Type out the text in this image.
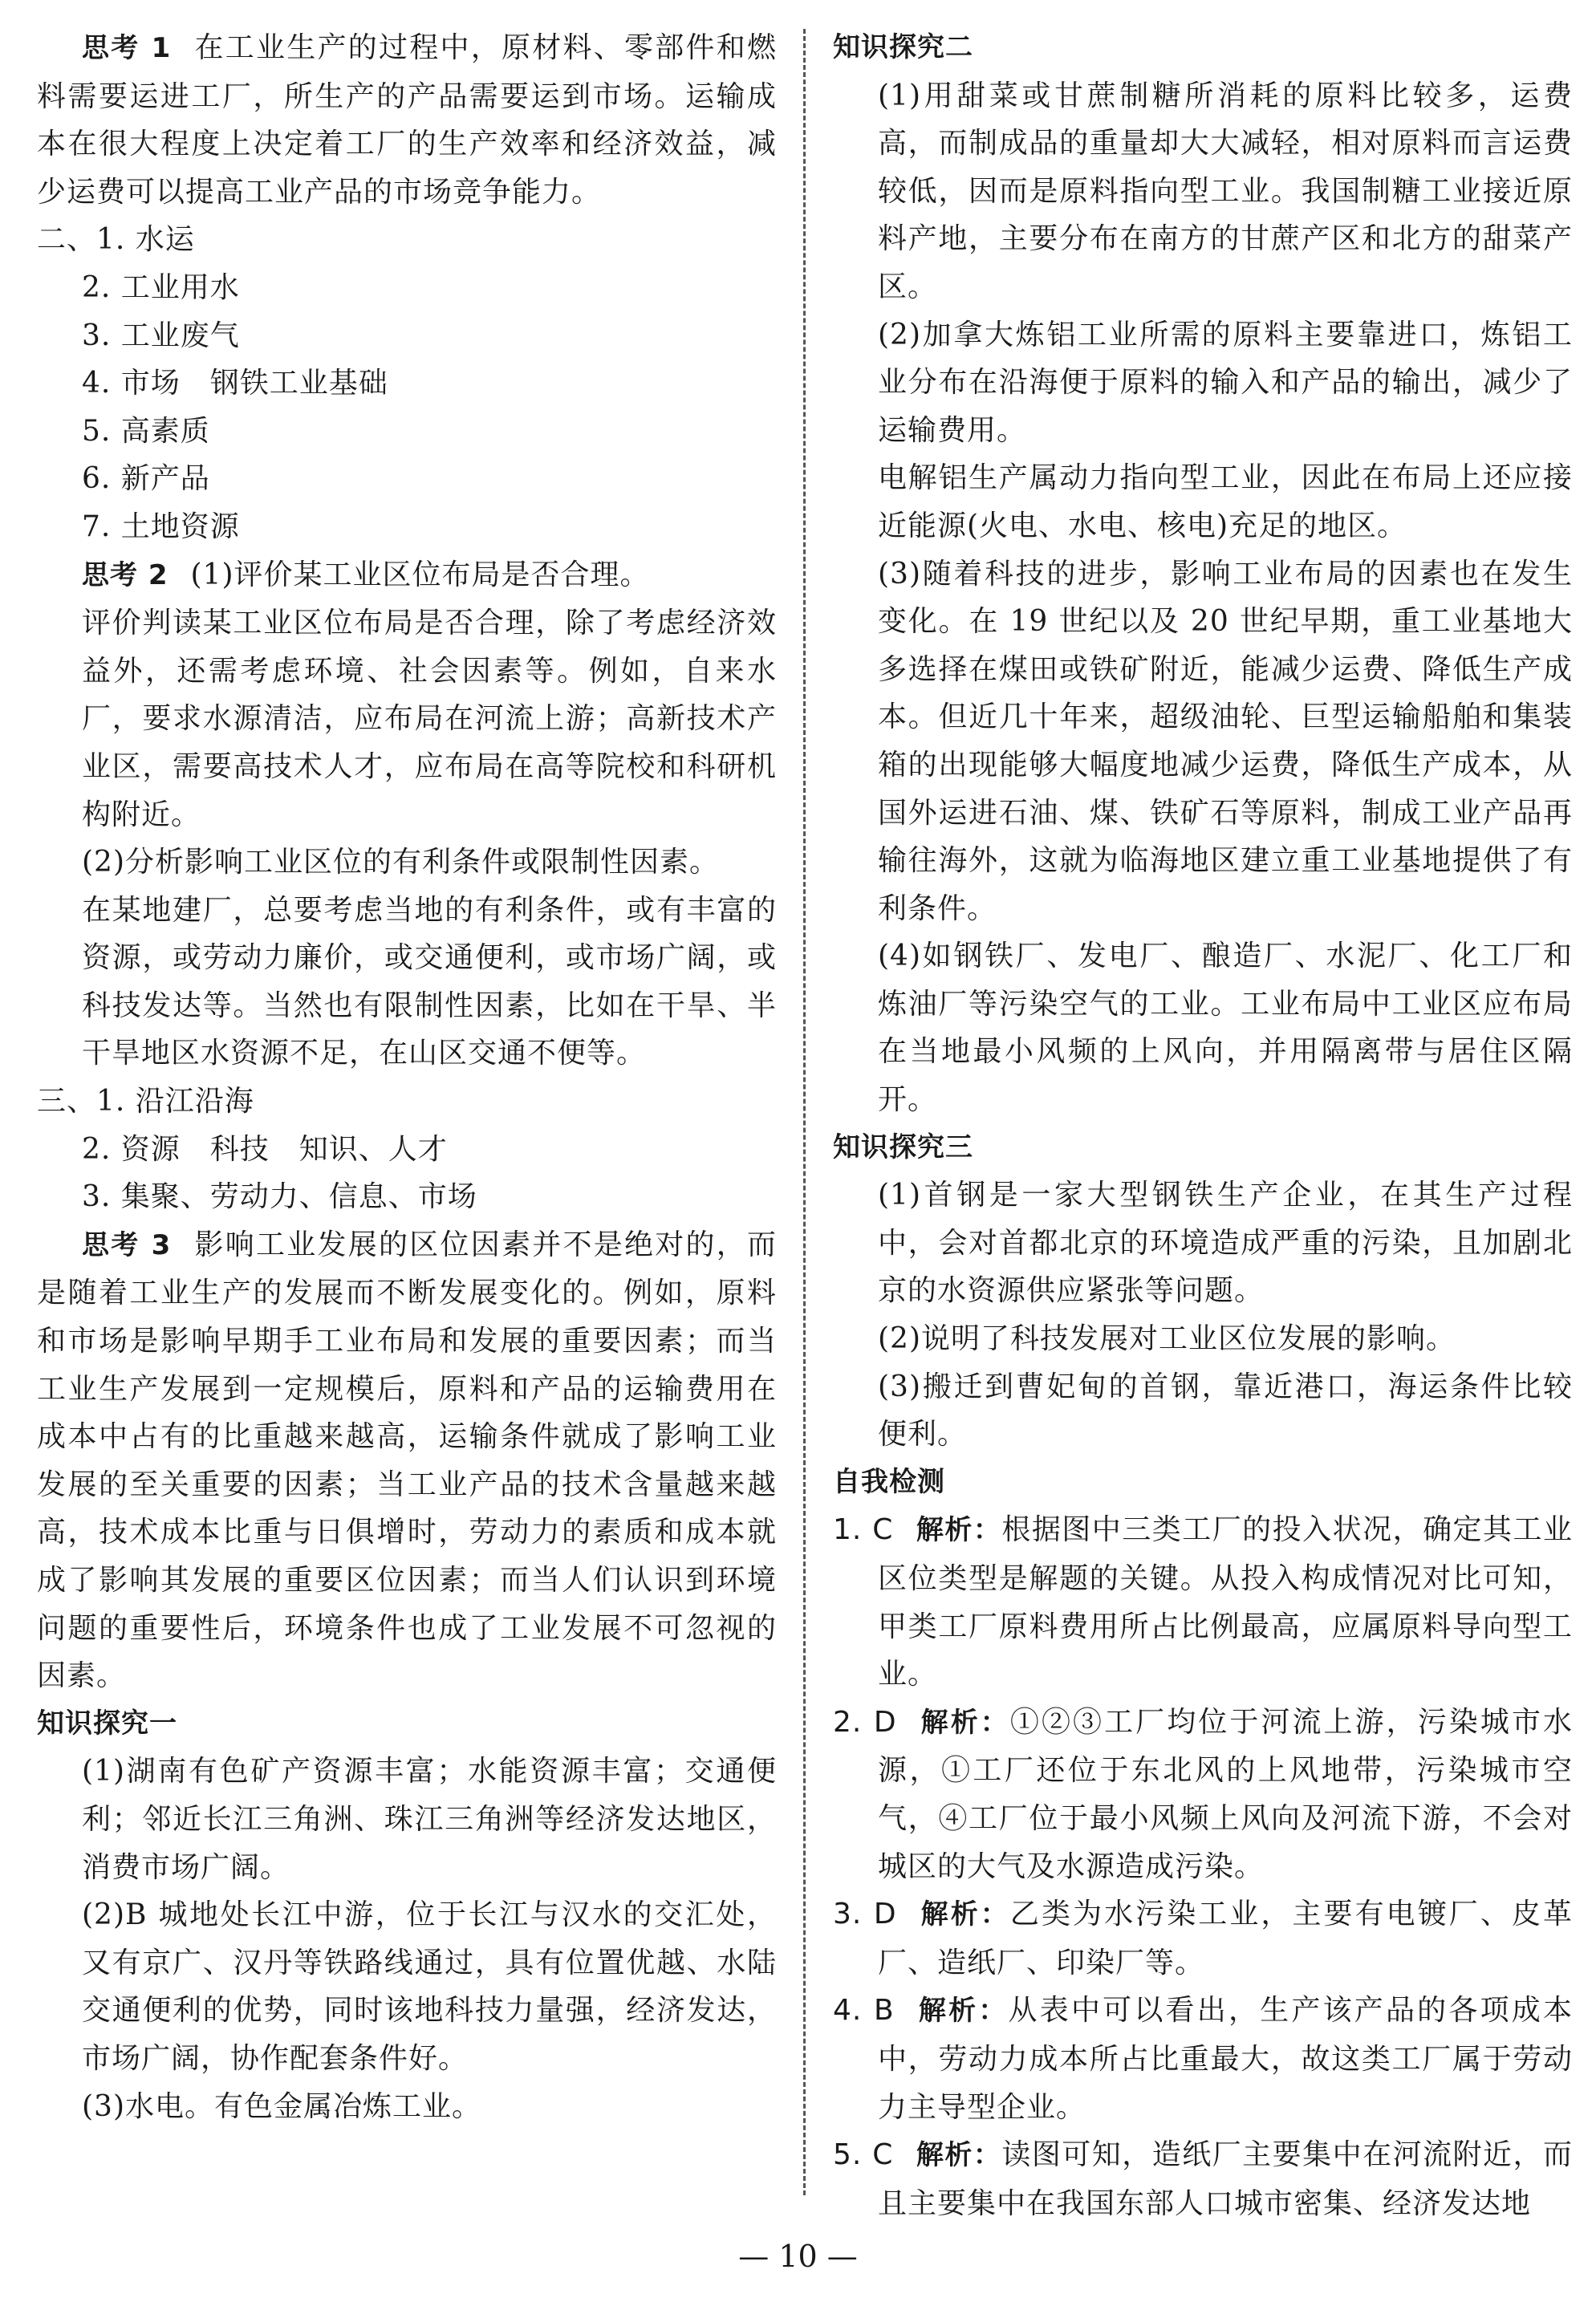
思考 1 在工业生产的过程中，原材料、零部件和燃料需要运进工厂，所生产的产品需要运到市场。运输成本在很大程度上决定着工厂的生产效率和经济效益，减少运费可以提高工业产品的市场竞争能力。

二、1. 水运

2. 工业用水

3. 工业废气

4. 市场　钢铁工业基础

5. 高素质

6. 新产品

7. 土地资源

思考 2 (1)评价某工业区位布局是否合理。

评价判读某工业区位布局是否合理，除了考虑经济效益外，还需考虑环境、社会因素等。例如，自来水厂，要求水源清洁，应布局在河流上游；高新技术产业区，需要高技术人才，应布局在高等院校和科研机构附近。

(2)分析影响工业区位的有利条件或限制性因素。

在某地建厂，总要考虑当地的有利条件，或有丰富的资源，或劳动力廉价，或交通便利，或市场广阔，或科技发达等。当然也有限制性因素，比如在干旱、半干旱地区水资源不足，在山区交通不便等。

三、1. 沿江沿海

2. 资源　科技　知识、人才

3. 集聚、劳动力、信息、市场

思考 3 影响工业发展的区位因素并不是绝对的，而是随着工业生产的发展而不断发展变化的。例如，原料和市场是影响早期手工业布局和发展的重要因素；而当工业生产发展到一定规模后，原料和产品的运输费用在成本中占有的比重越来越高，运输条件就成了影响工业发展的至关重要的因素；当工业产品的技术含量越来越高，技术成本比重与日俱增时，劳动力的素质和成本就成了影响其发展的重要区位因素；而当人们认识到环境问题的重要性后，环境条件也成了工业发展不可忽视的因素。

知识探究一

(1)湖南有色矿产资源丰富；水能资源丰富；交通便利；邻近长江三角洲、珠江三角洲等经济发达地区，消费市场广阔。

(2)B 城地处长江中游，位于长江与汉水的交汇处，又有京广、汉丹等铁路线通过，具有位置优越、水陆交通便利的优势，同时该地科技力量强，经济发达，市场广阔，协作配套条件好。

(3)水电。有色金属冶炼工业。

知识探究二

(1)用甜菜或甘蔗制糖所消耗的原料比较多，运费高，而制成品的重量却大大减轻，相对原料而言运费较低，因而是原料指向型工业。我国制糖工业接近原料产地，主要分布在南方的甘蔗产区和北方的甜菜产区。

(2)加拿大炼铝工业所需的原料主要靠进口，炼铝工业分布在沿海便于原料的输入和产品的输出，减少了运输费用。

电解铝生产属动力指向型工业，因此在布局上还应接近能源(火电、水电、核电)充足的地区。

(3)随着科技的进步，影响工业布局的因素也在发生变化。在 19 世纪以及 20 世纪早期，重工业基地大多选择在煤田或铁矿附近，能减少运费、降低生产成本。但近几十年来，超级油轮、巨型运输船舶和集装箱的出现能够大幅度地减少运费，降低生产成本，从国外运进石油、煤、铁矿石等原料，制成工业产品再输往海外，这就为临海地区建立重工业基地提供了有利条件。

(4)如钢铁厂、发电厂、酿造厂、水泥厂、化工厂和炼油厂等污染空气的工业。工业布局中工业区应布局在当地最小风频的上风向，并用隔离带与居住区隔开。

知识探究三

(1)首钢是一家大型钢铁生产企业，在其生产过程中，会对首都北京的环境造成严重的污染，且加剧北京的水资源供应紧张等问题。

(2)说明了科技发展对工业区位发展的影响。

(3)搬迁到曹妃甸的首钢，靠近港口，海运条件比较便利。

自我检测

1. C 解析：根据图中三类工厂的投入状况，确定其工业区位类型是解题的关键。从投入构成情况对比可知，甲类工厂原料费用所占比例最高，应属原料导向型工业。

2. D 解析：①②③工厂均位于河流上游，污染城市水源，①工厂还位于东北风的上风地带，污染城市空气，④工厂位于最小风频上风向及河流下游，不会对城区的大气及水源造成污染。

3. D 解析：乙类为水污染工业，主要有电镀厂、皮革厂、造纸厂、印染厂等。

4. B 解析：从表中可以看出，生产该产品的各项成本中，劳动力成本所占比重最大，故这类工厂属于劳动力主导型企业。

5. C 解析：读图可知，造纸厂主要集中在河流附近，而且主要集中在我国东部人口城市密集、经济发达地

— 10 —
